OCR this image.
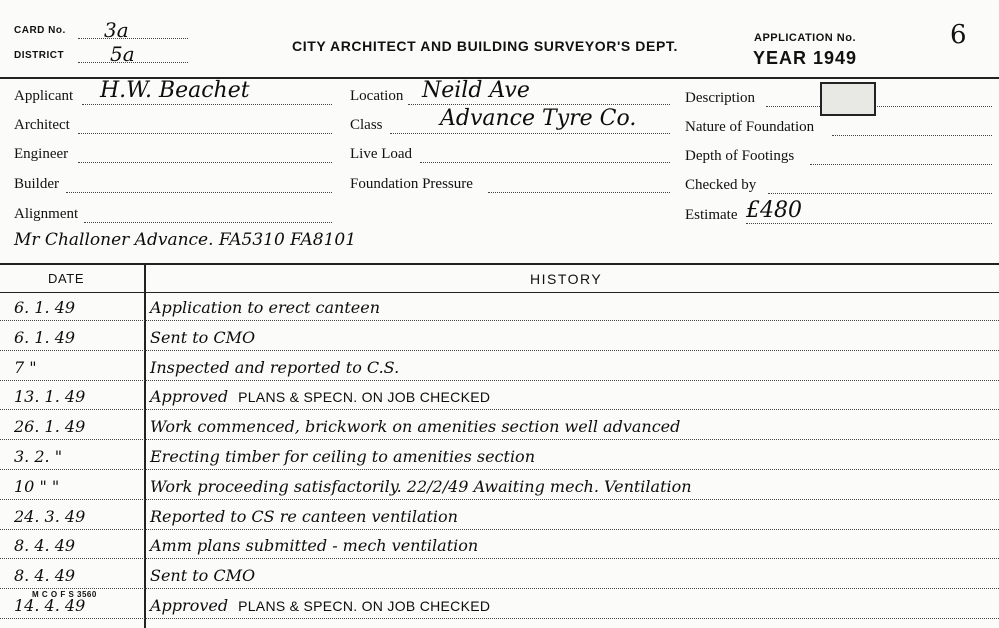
CARD No. 3a
DISTRICT 5a	CITY ARCHITECT AND BUILDING SURVEYOR'S DEPT.	APPLICATION No.
YEAR 1949
6
Applicant H.W. Beachet
Architect
Engineer
Builder
Alignment
Location Neild Ave
Class	Advance Tyre Co.
Live Load
Foundation Pressure
Description
Nature of Foundation
Depth of Footings
Checked by
Estimate £480
Mr Challoner Advance. FA5310 FA8101
DATE	HISTORY
6. 1. 49	Application to erect canteen
6. 1. 49	Sent to CMO
7 "	Inspected and reported to C.S.
13. 1. 49	Approved PLANS & SPECN. ON JOB CHECKED
26. 1. 49	Work commenced, brickwork on amenities section well advanced
3. 2. "	Erecting timber for ceiling to amenities section
10 " "	Work proceeding satisfactorily. 22/2/49 Awaiting mech. Ventilation
24. 3. 49	Reported to CS re canteen ventilation
8. 4. 49	Amm plans submitted - mech ventilation
8. 4. 49	Sent to CMO
14. 4. 49	Approved PLANS & SPECN. ON JOB CHECKED
M C O F S 3560
